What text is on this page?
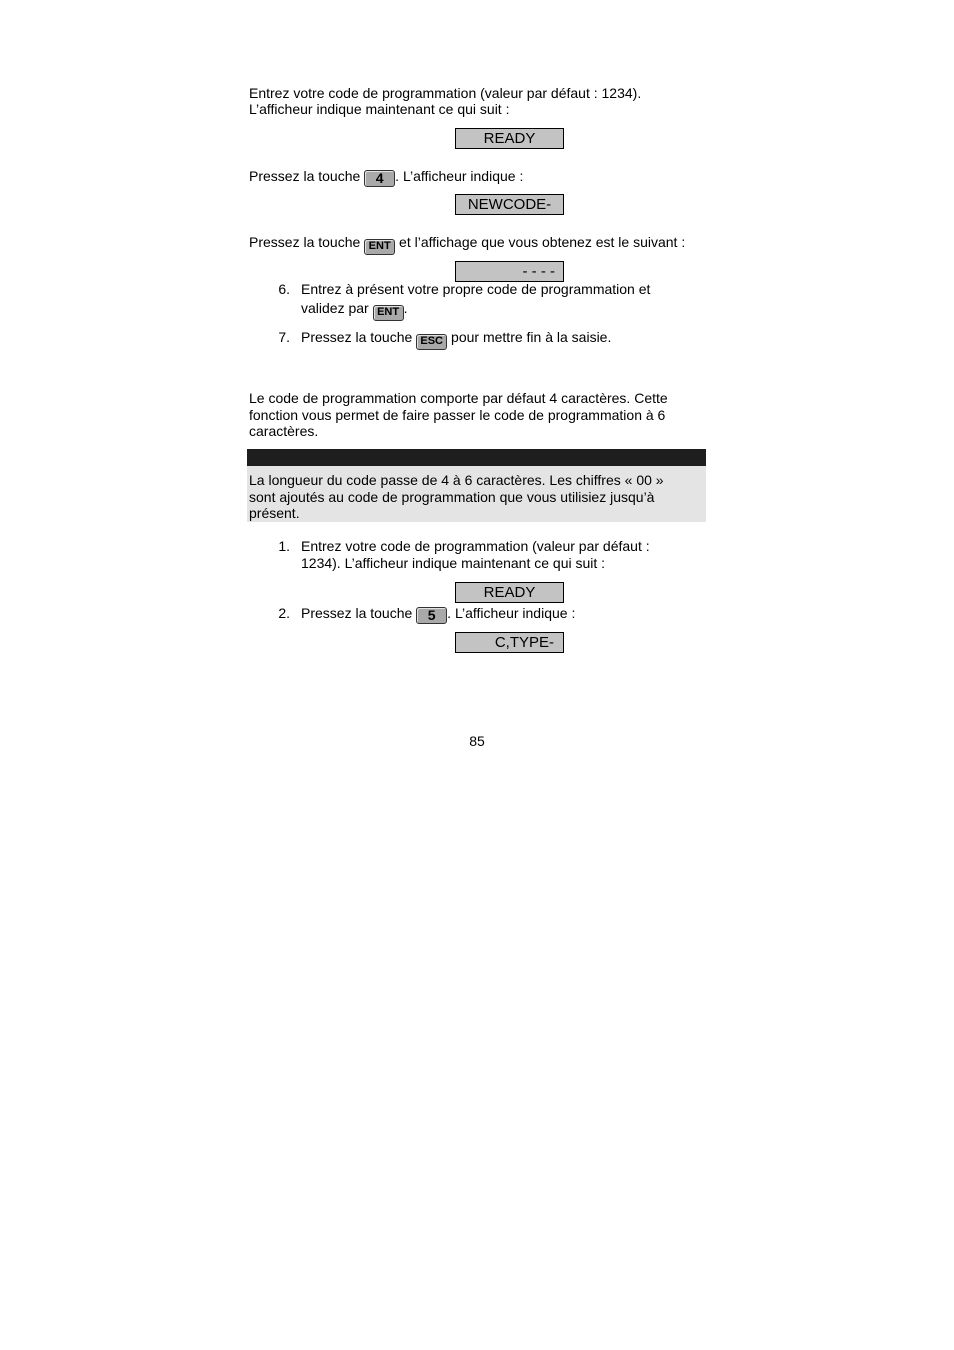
Entrez votre code de programmation (valeur par défaut : 1234).
L’afficheur indique maintenant ce qui suit :
READY
Pressez la touche 4 . L’afficheur indique :
NEWCODE-
Pressez la touche ENT et l’affichage que vous obtenez est le suivant :
- - - -
6. Entrez à présent votre propre code de programmation et
validez par ENT .
7. Pressez la touche ESC pour mettre fin à la saisie.

Le code de programmation comporte par défaut 4 caractères. Cette fonction vous permet de faire passer le code de programmation à 6 caractères.

La longueur du code passe de 4 à 6 caractères. Les chiffres « 00 » sont ajoutés au code de programmation que vous utilisiez jusqu’à présent.
1. Entrez votre code de programmation (valeur par défaut : 1234). L’afficheur indique maintenant ce qui suit :
READY
2. Pressez la touche 5 . L’afficheur indique :
C,TYPE-
85
